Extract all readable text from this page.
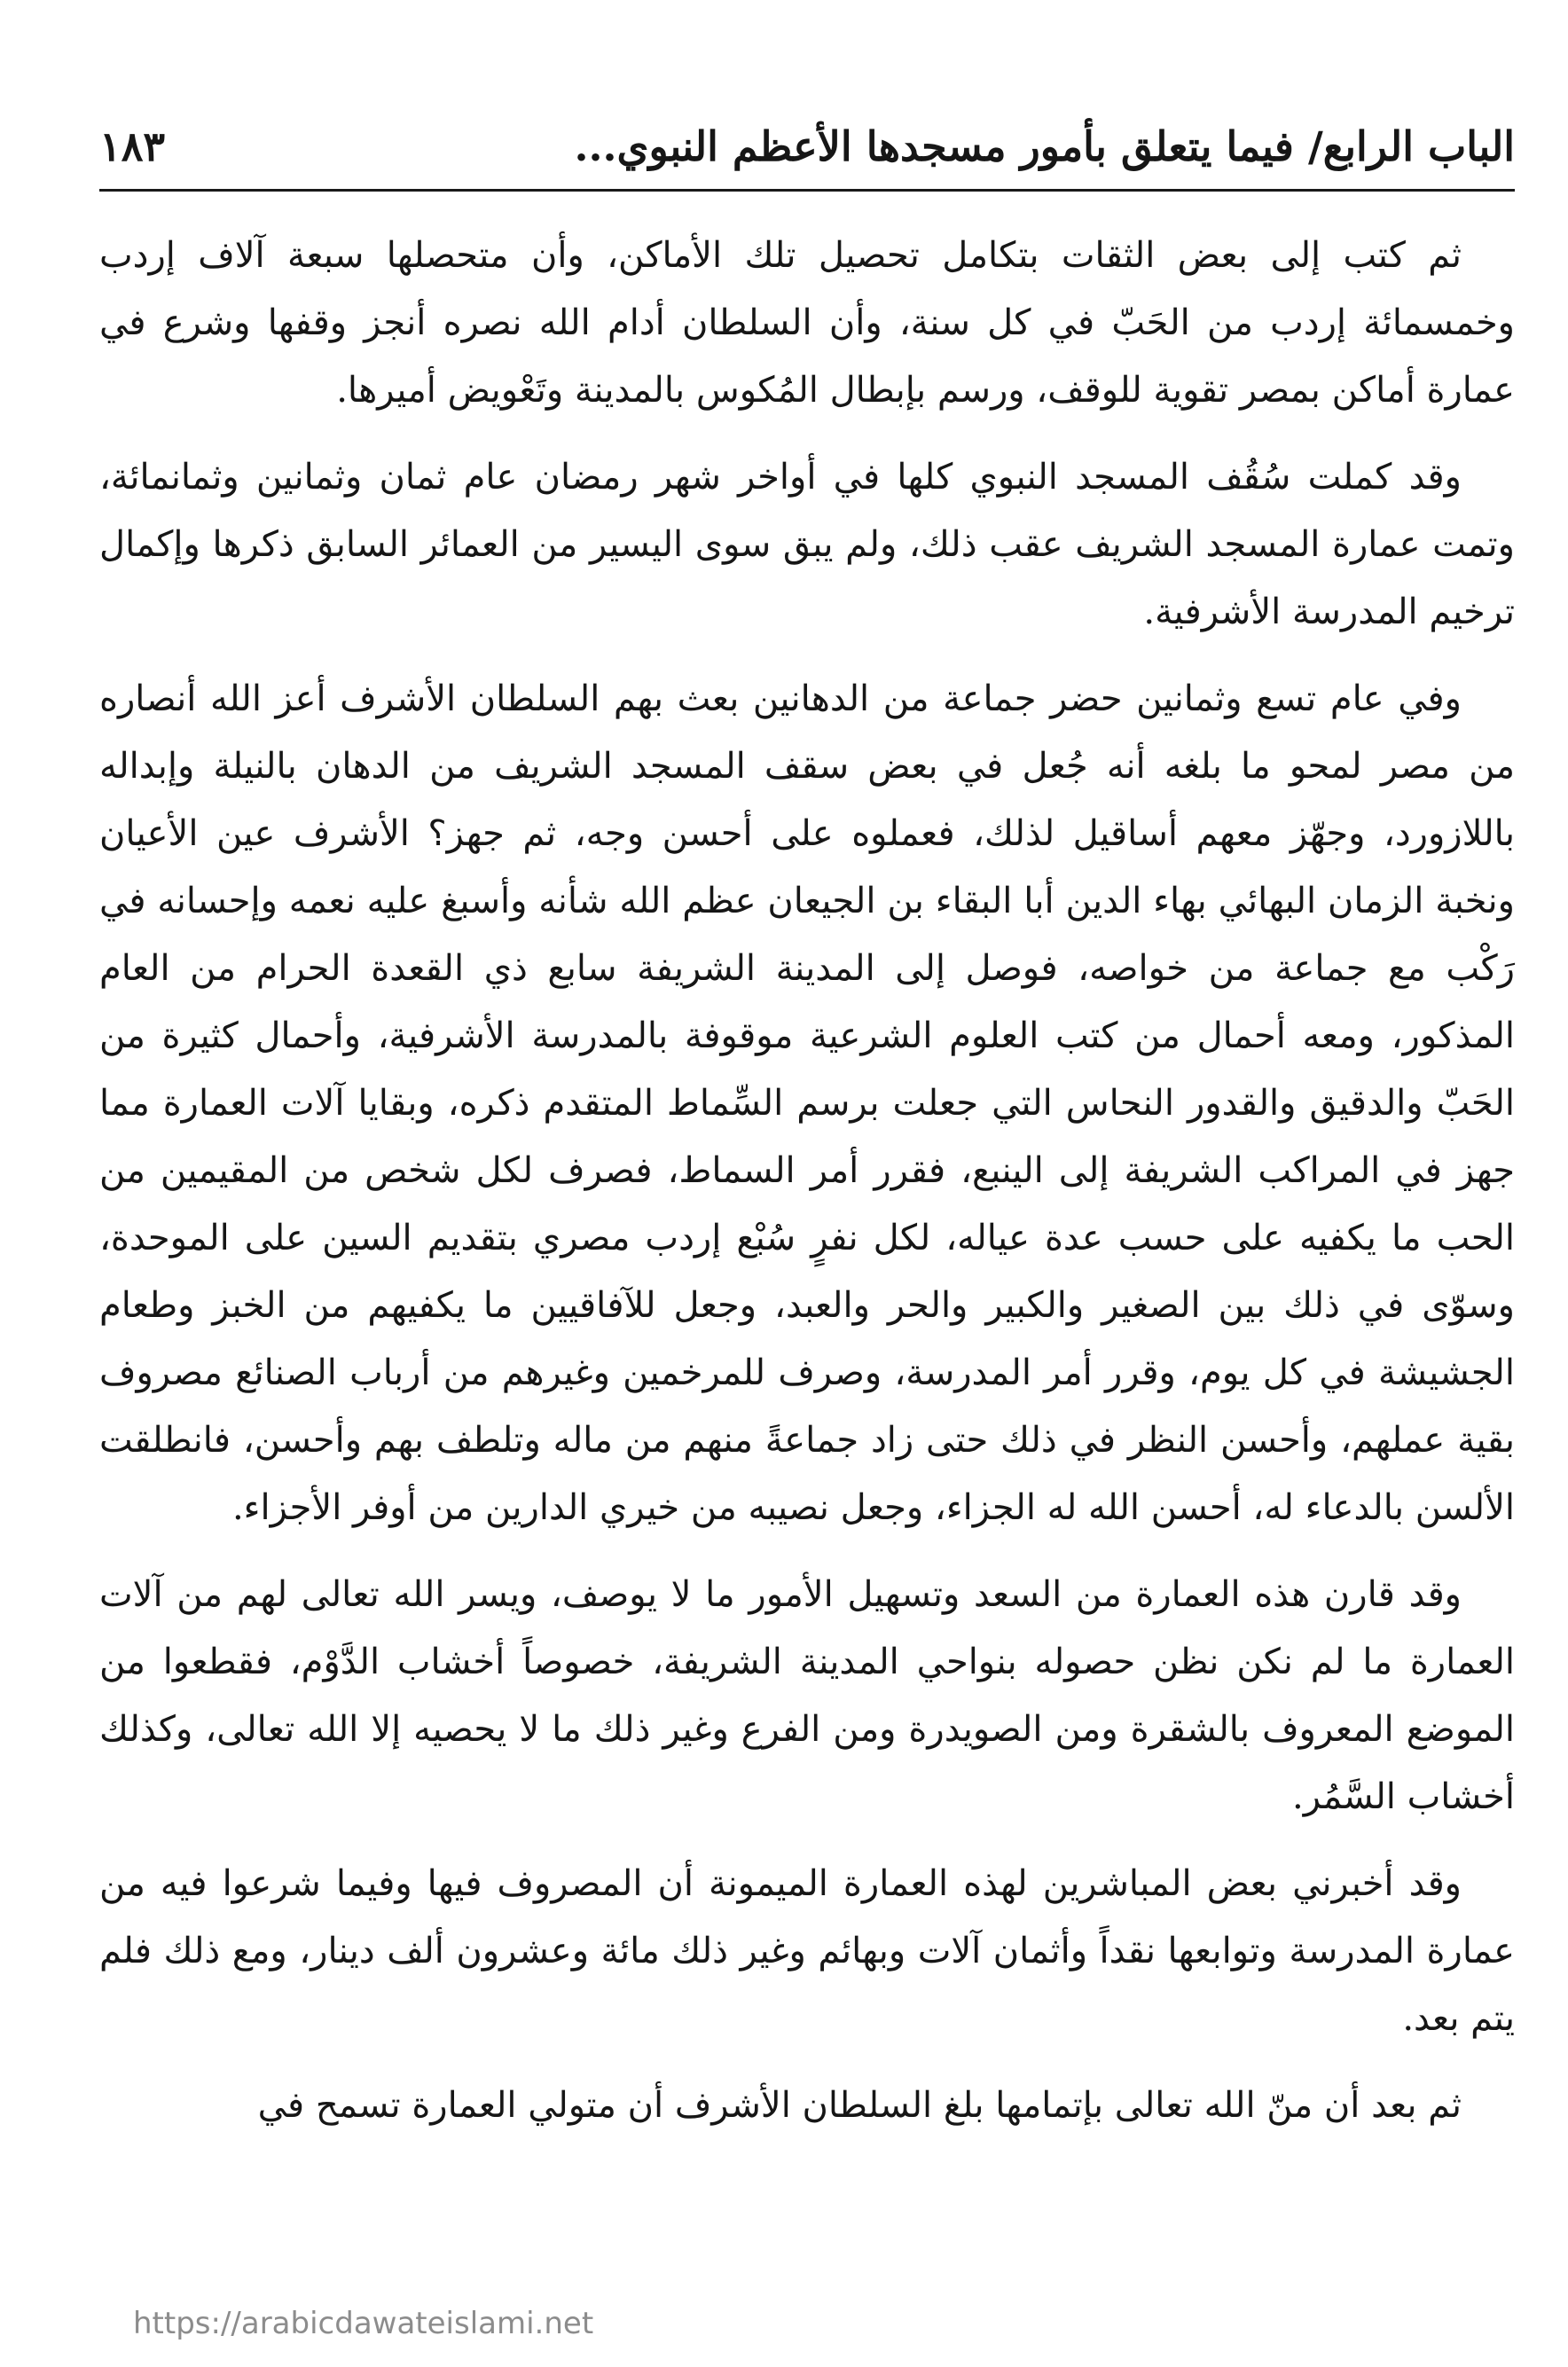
الباب الرابع/ فيما يتعلق بأمور مسجدها الأعظم النبوي...
١٨٣

ثم كتب إلى بعض الثقات بتكامل تحصيل تلك الأماكن، وأن متحصلها سبعة آلاف إردب وخمسمائة إردب من الحَبّ في كل سنة، وأن السلطان أدام الله نصره أنجز وقفها وشرع في عمارة أماكن بمصر تقوية للوقف، ورسم بإبطال المُكوس بالمدينة وتَعْويض أميرها.

وقد كملت سُقُف المسجد النبوي كلها في أواخر شهر رمضان عام ثمان وثمانين وثمانمائة، وتمت عمارة المسجد الشريف عقب ذلك، ولم يبق سوى اليسير من العمائر السابق ذكرها وإكمال ترخيم المدرسة الأشرفية.

وفي عام تسع وثمانين حضر جماعة من الدهانين بعث بهم السلطان الأشرف أعز الله أنصاره من مصر لمحو ما بلغه أنه جُعل في بعض سقف المسجد الشريف من الدهان بالنيلة وإبداله باللازورد، وجهّز معهم أساقيل لذلك، فعملوه على أحسن وجه، ثم جهز؟ الأشرف عين الأعيان ونخبة الزمان البهائي بهاء الدين أبا البقاء بن الجيعان عظم الله شأنه وأسبغ عليه نعمه وإحسانه في رَكْب مع جماعة من خواصه، فوصل إلى المدينة الشريفة سابع ذي القعدة الحرام من العام المذكور، ومعه أحمال من كتب العلوم الشرعية موقوفة بالمدرسة الأشرفية، وأحمال كثيرة من الحَبّ والدقيق والقدور النحاس التي جعلت برسم السِّماط المتقدم ذكره، وبقايا آلات العمارة مما جهز في المراكب الشريفة إلى الينبع، فقرر أمر السماط، فصرف لكل شخص من المقيمين من الحب ما يكفيه على حسب عدة عياله، لكل نفرٍ سُبْع إردب مصري بتقديم السين على الموحدة، وسوّى في ذلك بين الصغير والكبير والحر والعبد، وجعل للآفاقيين ما يكفيهم من الخبز وطعام الجشيشة في كل يوم، وقرر أمر المدرسة، وصرف للمرخمين وغيرهم من أرباب الصنائع مصروف بقية عملهم، وأحسن النظر في ذلك حتى زاد جماعةً منهم من ماله وتلطف بهم وأحسن، فانطلقت الألسن بالدعاء له، أحسن الله له الجزاء، وجعل نصيبه من خيري الدارين من أوفر الأجزاء.

وقد قارن هذه العمارة من السعد وتسهيل الأمور ما لا يوصف، ويسر الله تعالى لهم من آلات العمارة ما لم نكن نظن حصوله بنواحي المدينة الشريفة، خصوصاً أخشاب الدَّوْم، فقطعوا من الموضع المعروف بالشقرة ومن الصويدرة ومن الفرع وغير ذلك ما لا يحصيه إلا الله تعالى، وكذلك أخشاب السَّمُر.

وقد أخبرني بعض المباشرين لهذه العمارة الميمونة أن المصروف فيها وفيما شرعوا فيه من عمارة المدرسة وتوابعها نقداً وأثمان آلات وبهائم وغير ذلك مائة وعشرون ألف دينار، ومع ذلك فلم يتم بعد.

ثم بعد أن منّ الله تعالى بإتمامها بلغ السلطان الأشرف أن متولي العمارة تسمح في

https://arabicdawateislami.net
